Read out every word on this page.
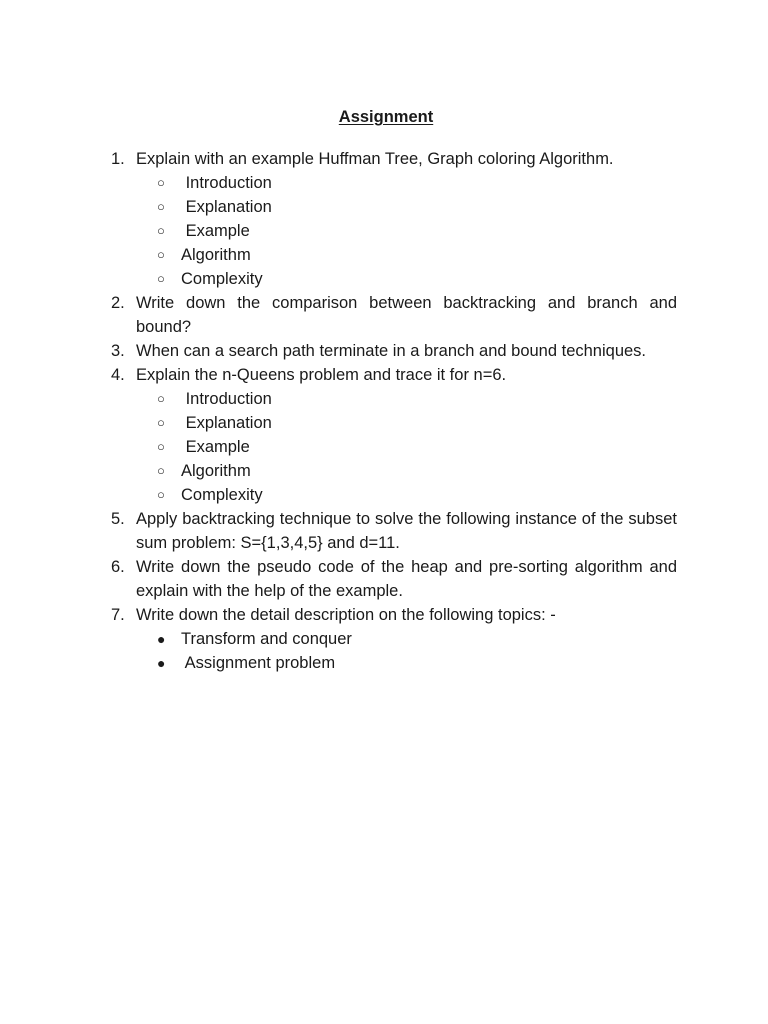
Assignment
1. Explain with an example Huffman Tree, Graph coloring Algorithm.
○ Introduction
○ Explanation
○ Example
○ Algorithm
○ Complexity
2. Write down the comparison between backtracking and branch and bound?
3. When can a search path terminate in a branch and bound techniques.
4. Explain the n-Queens problem and trace it for n=6.
○ Introduction
○ Explanation
○ Example
○ Algorithm
○ Complexity
5. Apply backtracking technique to solve the following instance of the subset sum problem: S={1,3,4,5} and d=11.
6. Write down the pseudo code of the heap and pre-sorting algorithm and explain with the help of the example.
7. Write down the detail description on the following topics: -
● Transform and conquer
● Assignment problem
